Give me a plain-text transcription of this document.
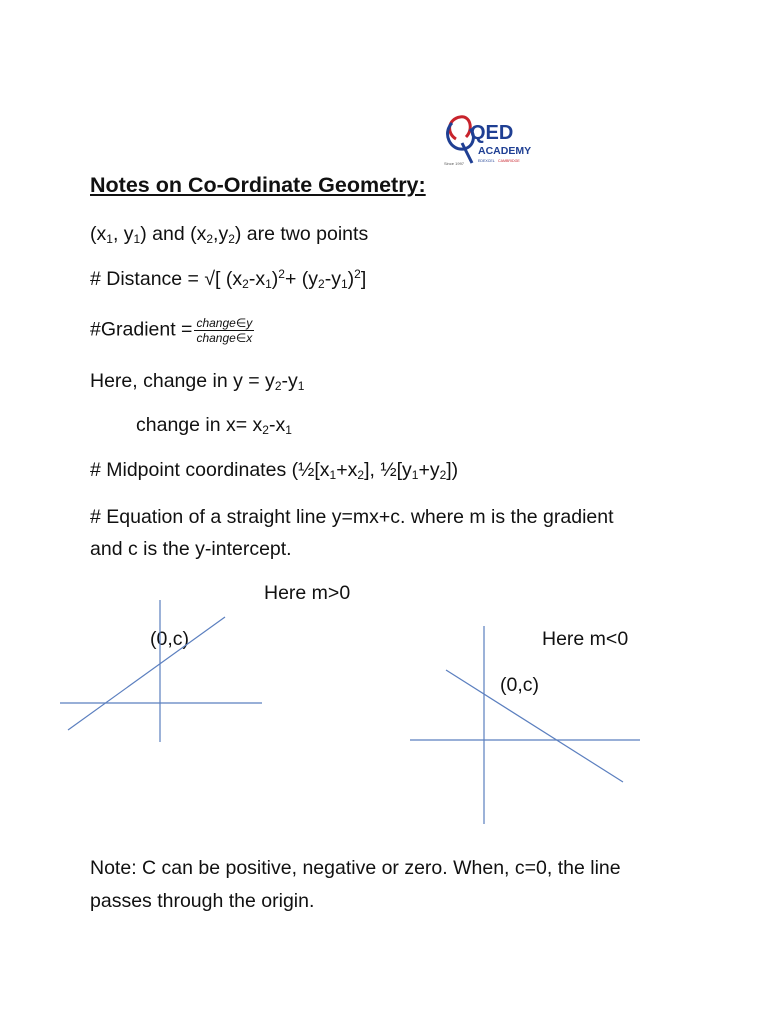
QED
ACADEMY
Since 1997	EDEXCEL CAMBRIDGE
Notes on Co-Ordinate Geometry:
($x_1$, $y_1$) and $(x_2,y_2)$ are two points
# Distance = √[ $(x_2-x_1)^2+ (y_2-y_1)^2$]
#Gradient = $\frac{\text{change∈y}}{\text{change∈x}}$
Here, change in $y = y_2-y_1$
change in $x= x_2-x_1$
# Midpoint coordinates ($\frac{1}{2}[x_1+x_2]$, $\frac{1}{2}[y_1+y_2]$)
# Equation of a straight line y=mx+c. where m is the gradient
and c is the y-intercept.
Here m>0
(0,c)	Here m<0
(0,c)
Note: C can be positive, negative or zero. When, c=0, the line
passes through the origin.
